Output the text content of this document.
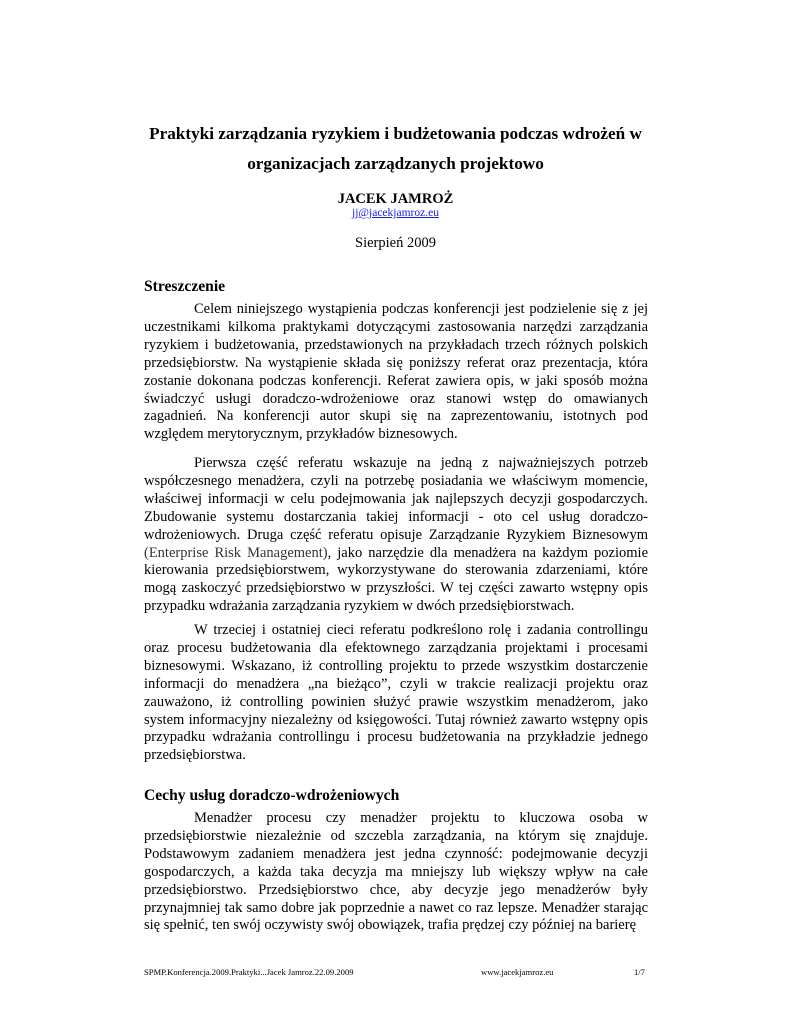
Praktyki zarządzania ryzykiem i budżetowania podczas wdrożeń w organizacjach zarządzanych projektowo

JACEK JAMROŻ

jj@jacekjamroz.eu

Sierpień 2009

Streszczenie

Celem niniejszego wystąpienia podczas konferencji jest podzielenie się z jej uczestnikami kilkoma praktykami dotyczącymi zastosowania narzędzi zarządzania ryzykiem i budżetowania, przedstawionych na przykładach trzech różnych polskich przedsiębiorstw. Na wystąpienie składa się poniższy referat oraz prezentacja, która zostanie dokonana podczas konferencji. Referat zawiera opis, w jaki sposób można świadczyć usługi doradczo-wdrożeniowe oraz stanowi wstęp do omawianych zagadnień. Na konferencji autor skupi się na zaprezentowaniu, istotnych pod względem merytorycznym, przykładów biznesowych.

Pierwsza część referatu wskazuje na jedną z najważniejszych potrzeb współczesnego menadżera, czyli na potrzebę posiadania we właściwym momencie, właściwej informacji w celu podejmowania jak najlepszych decyzji gospodarczych. Zbudowanie systemu dostarczania takiej informacji - oto cel usług doradczo-wdrożeniowych. Druga część referatu opisuje Zarządzanie Ryzykiem Biznesowym (Enterprise Risk Management), jako narzędzie dla menadżera na każdym poziomie kierowania przedsiębiorstwem, wykorzystywane do sterowania zdarzeniami, które mogą zaskoczyć przedsiębiorstwo w przyszłości. W tej części zawarto wstępny opis przypadku wdrażania zarządzania ryzykiem w dwóch przedsiębiorstwach.

W trzeciej i ostatniej cieci referatu podkreślono rolę i zadania controllingu oraz procesu budżetowania dla efektownego zarządzania projektami i procesami biznesowymi. Wskazano, iż controlling projektu to przede wszystkim dostarczenie informacji do menadżera „na bieżąco”, czyli w trakcie realizacji projektu oraz zauważono, iż controlling powinien służyć prawie wszystkim menadżerom, jako system informacyjny niezależny od księgowości. Tutaj również zawarto wstępny opis przypadku wdrażania controllingu i procesu budżetowania na przykładzie jednego przedsiębiorstwa.

Cechy usług doradczo-wdrożeniowych

Menadżer procesu czy menadżer projektu to kluczowa osoba w przedsiębiorstwie niezależnie od szczebla zarządzania, na którym się znajduje. Podstawowym zadaniem menadżera jest jedna czynność: podejmowanie decyzji gospodarczych, a każda taka decyzja ma mniejszy lub większy wpływ na całe przedsiębiorstwo. Przedsiębiorstwo chce, aby decyzje jego menadżerów były przynajmniej tak samo dobre jak poprzednie a nawet co raz lepsze. Menadżer starając się spełnić, ten swój oczywisty swój obowiązek, trafia prędzej czy później na barierę

SPMP.Konferencja.2009.Praktyki...Jacek Jamroz.22.09.2009	www.jacekjamroz.eu	1/7
